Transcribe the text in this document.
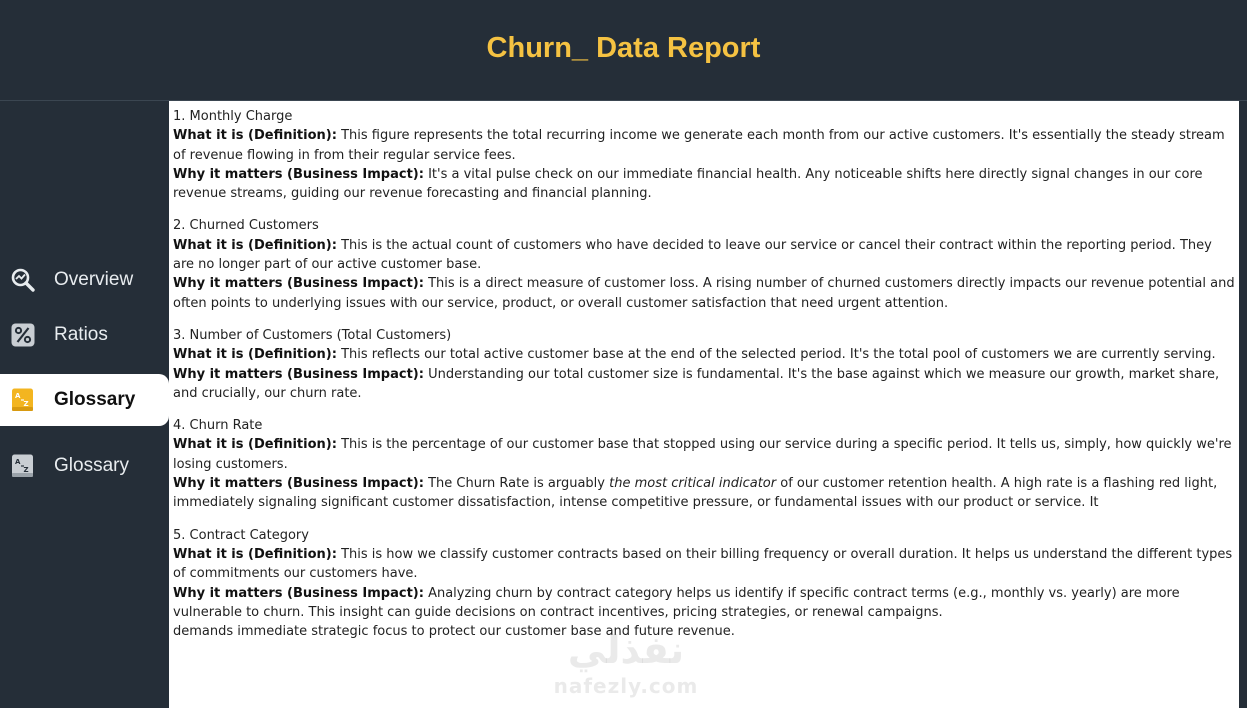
Churn_ Data Report
Overview
Ratios
A
Z Glossary
A
Z Glossary
1. Monthly Charge
What it is (Definition): This figure represents the total recurring income we generate each month from our active customers. It's essentially the steady stream of revenue flowing in from their regular service fees.
Why it matters (Business Impact): It's a vital pulse check on our immediate financial health. Any noticeable shifts here directly signal changes in our core revenue streams, guiding our revenue forecasting and financial planning.
2. Churned Customers
What it is (Definition): This is the actual count of customers who have decided to leave our service or cancel their contract within the reporting period. They are no longer part of our active customer base.
Why it matters (Business Impact): This is a direct measure of customer loss. A rising number of churned customers directly impacts our revenue potential and often points to underlying issues with our service, product, or overall customer satisfaction that need urgent attention.
3. Number of Customers (Total Customers)
What it is (Definition): This reflects our total active customer base at the end of the selected period. It's the total pool of customers we are currently serving.
Why it matters (Business Impact): Understanding our total customer size is fundamental. It's the base against which we measure our growth, market share, and crucially, our churn rate.
4. Churn Rate
What it is (Definition): This is the percentage of our customer base that stopped using our service during a specific period. It tells us, simply, how quickly we're losing customers.
Why it matters (Business Impact): The Churn Rate is arguably the most critical indicator of our customer retention health. A high rate is a flashing red light, immediately signaling significant customer dissatisfaction, intense competitive pressure, or fundamental issues with our product or service. It
5. Contract Category
What it is (Definition): This is how we classify customer contracts based on their billing frequency or overall duration. It helps us understand the different types of commitments our customers have.
Why it matters (Business Impact): Analyzing churn by contract category helps us identify if specific contract terms (e.g., monthly vs. yearly) are more vulnerable to churn. This insight can guide decisions on contract incentives, pricing strategies, or renewal campaigns.
demands immediate strategic focus to protect our customer base and future revenue.
نفذلي
nafezly.com
